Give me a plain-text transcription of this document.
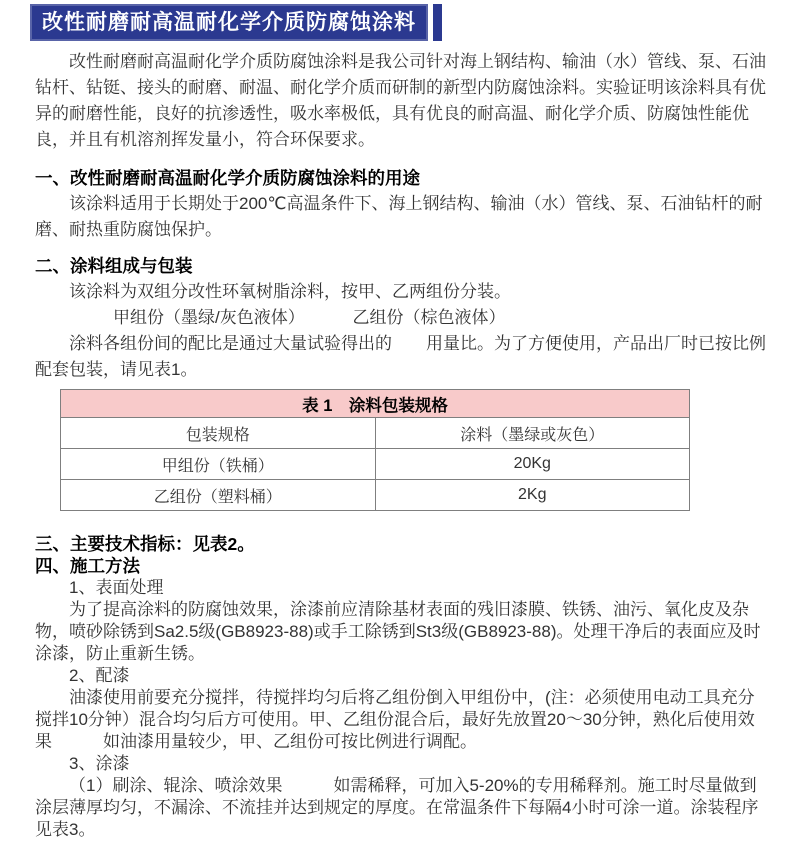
改性耐磨耐高温耐化学介质防腐蚀涂料

改性耐磨耐高温耐化学介质防腐蚀涂料是我公司针对海上钢结构、输油（水）管线、泵、石油钻杆、钻铤、接头的耐磨、耐温、耐化学介质而研制的新型内防腐蚀涂料。实验证明该涂料具有优异的耐磨性能，良好的抗渗透性，吸水率极低，具有优良的耐高温、耐化学介质、防腐蚀性能优良，并且有机溶剂挥发量小，符合环保要求。

一、改性耐磨耐高温耐化学介质防腐蚀涂料的用途

该涂料适用于长期处于200℃高温条件下、海上钢结构、输油（水）管线、泵、石油钻杆的耐磨、耐热重防腐蚀保护。

二、涂料组成与包装

该涂料为双组分改性环氧树脂涂料，按甲、乙两组份分装。

甲组份（墨绿/灰色液体）	乙组份（棕色液体）

涂料各组份间的配比是通过大量试验得出的　　用量比。为了方便使用，产品出厂时已按比例配套包装，请见表1。

表 1　涂料包装规格	
包装规格	涂料（墨绿或灰色）
甲组份（铁桶）	20Kg
乙组份（塑料桶）	2Kg
三、主要技术指标：见表2。
四、施工方法

1、表面处理

为了提高涂料的防腐蚀效果，涂漆前应清除基材表面的残旧漆膜、铁锈、油污、氧化皮及杂物，喷砂除锈到Sa2.5级(GB8923-88)或手工除锈到St3级(GB8923-88)。处理干净后的表面应及时涂漆，防止重新生锈。

2、配漆

油漆使用前要充分搅拌，待搅拌均匀后将乙组份倒入甲组份中，(注：必须使用电动工具充分搅拌10分钟）混合均匀后方可使用。甲、乙组份混合后，最好先放置20～30分钟，熟化后使用效果　　　如油漆用量较少，甲、乙组份可按比例进行调配。

3、涂漆

（1）刷涂、辊涂、喷涂效果　　　如需稀释，可加入5-20%的专用稀释剂。施工时尽量做到涂层薄厚均匀，不漏涂、不流挂并达到规定的厚度。在常温条件下每隔4小时可涂一道。涂装程序见表3。
